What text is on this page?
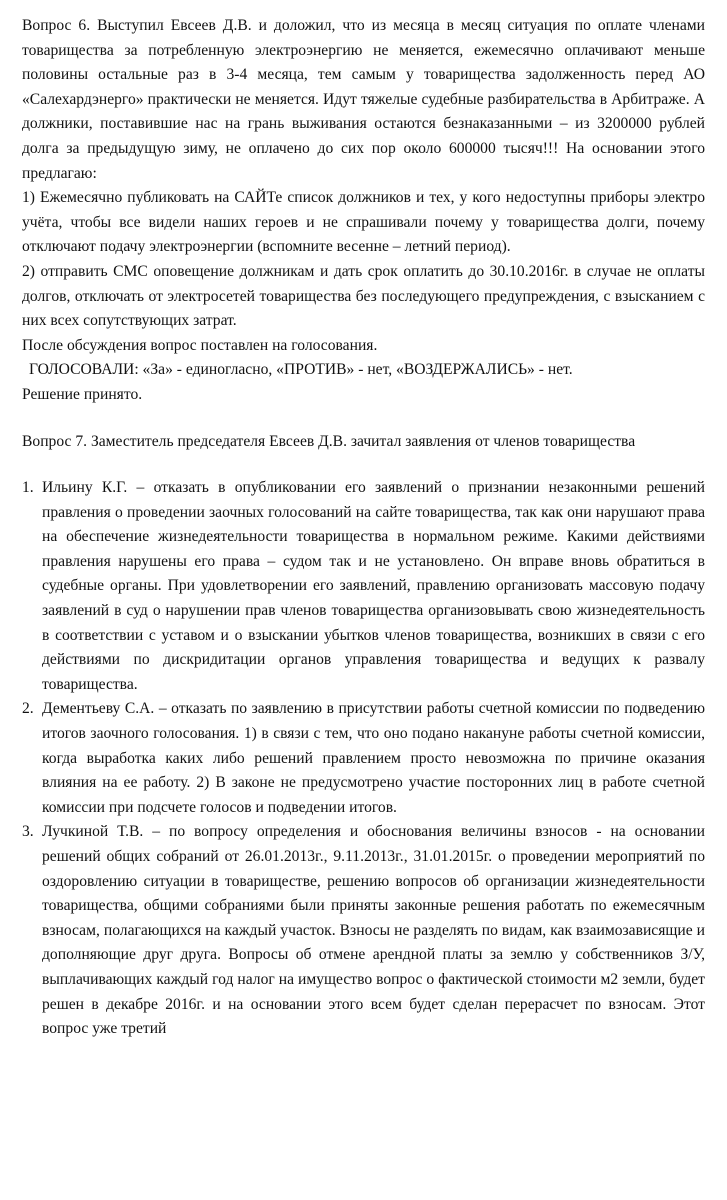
Вопрос 6. Выступил Евсеев Д.В. и доложил, что из месяца в месяц ситуация по оплате членами товарищества за потребленную электроэнергию не меняется, ежемесячно оплачивают меньше половины остальные раз в 3-4 месяца, тем самым у товарищества задолженность перед АО «Салехардэнерго» практически не меняется. Идут тяжелые судебные разбирательства в Арбитраже. А должники, поставившие нас на грань выживания остаются безнаказанными – из 3200000 рублей долга за предыдущую зиму, не оплачено до сих пор около 600000 тысяч!!! На основании этого предлагаю:

1) Ежемесячно публиковать на САЙТе список должников и тех, у кого недоступны приборы электро учёта, чтобы все видели наших героев и не спрашивали почему у товарищества долги, почему отключают подачу электроэнергии (вспомните весенне – летний период).

2) отправить СМС оповещение должникам и дать срок оплатить до 30.10.2016г. в случае не оплаты долгов, отключать от электросетей товарищества без последующего предупреждения, с взысканием с них всех сопутствующих затрат.

После обсуждения вопрос поставлен на голосования.

ГОЛОСОВАЛИ: «За» - единогласно, «ПРОТИВ» - нет, «ВОЗДЕРЖАЛИСЬ» - нет.

Решение принято.

Вопрос 7. Заместитель председателя Евсеев Д.В. зачитал заявления от членов товарищества

1. Ильину К.Г. – отказать в опубликовании его заявлений о признании незаконными решений правления о проведении заочных голосований на сайте товарищества, так как они нарушают права на обеспечение жизнедеятельности товарищества в нормальном режиме. Какими действиями правления нарушены его права – судом так и не установлено. Он вправе вновь обратиться в судебные органы. При удовлетворении его заявлений, правлению организовать массовую подачу заявлений в суд о нарушении прав членов товарищества организовывать свою жизнедеятельность в соответствии с уставом и о взыскании убытков членов товарищества, возникших в связи с его действиями по дискридитации органов управления товарищества и ведущих к развалу товарищества.
2. Дементьеву С.А. – отказать по заявлению в присутствии работы счетной комиссии по подведению итогов заочного голосования. 1) в связи с тем, что оно подано накануне работы счетной комиссии, когда выработка каких либо решений правлением просто невозможна по причине оказания влияния на ее работу. 2) В законе не предусмотрено участие посторонних лиц в работе счетной комиссии при подсчете голосов и подведении итогов.
3. Лучкиной Т.В. – по вопросу определения и обоснования величины взносов - на основании решений общих собраний от 26.01.2013г., 9.11.2013г., 31.01.2015г. о проведении мероприятий по оздоровлению ситуации в товариществе, решению вопросов об организации жизнедеятельности товарищества, общими собраниями были приняты законные решения работать по ежемесячным взносам, полагающихся на каждый участок. Взносы не разделять по видам, как взаимозависящие и дополняющие друг друга. Вопросы об отмене арендной платы за землю у собственников З/У, выплачивающих каждый год налог на имущество вопрос о фактической стоимости м2 земли, будет решен в декабре 2016г. и на основании этого всем будет сделан перерасчет по взносам. Этот вопрос уже третий
